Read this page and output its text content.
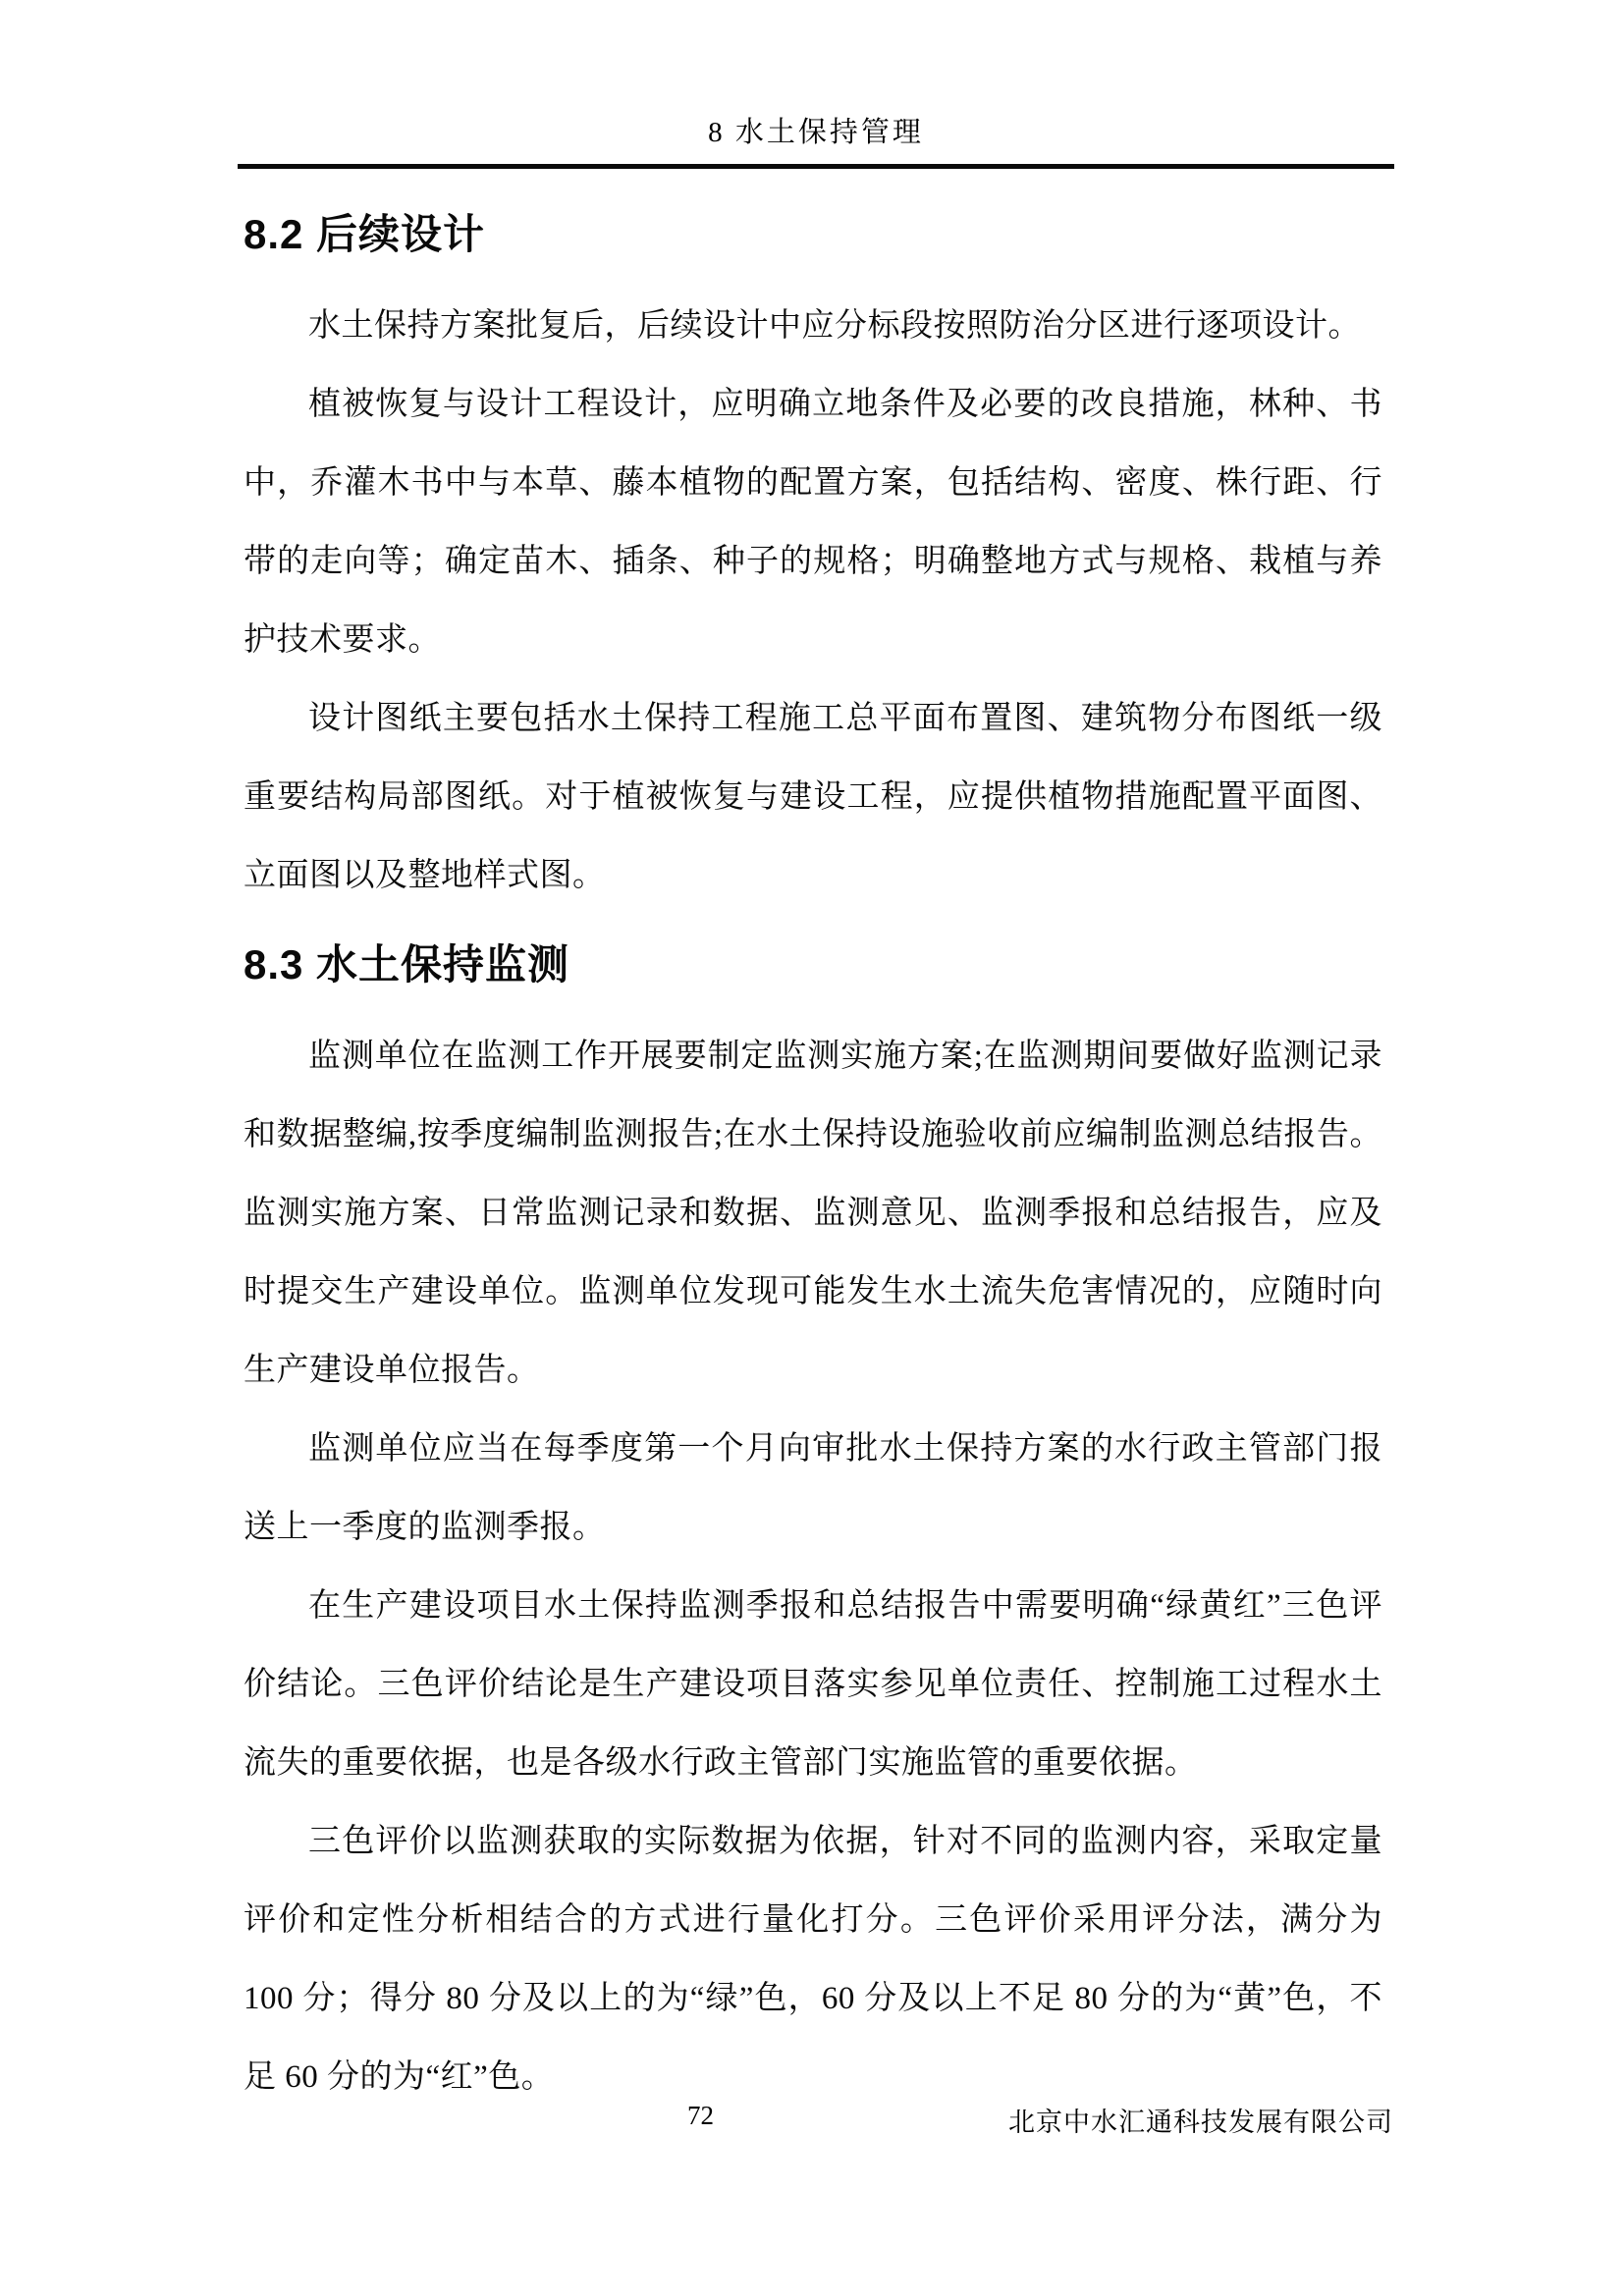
8 水土保持管理
8.2 后续设计

水土保持方案批复后，后续设计中应分标段按照防治分区进行逐项设计。

植被恢复与设计工程设计，应明确立地条件及必要的改良措施，林种、书中，乔灌木书中与本草、藤本植物的配置方案，包括结构、密度、株行距、行带的走向等；确定苗木、插条、种子的规格；明确整地方式与规格、栽植与养护技术要求。

设计图纸主要包括水土保持工程施工总平面布置图、建筑物分布图纸一级重要结构局部图纸。对于植被恢复与建设工程，应提供植物措施配置平面图、立面图以及整地样式图。

8.3 水土保持监测

监测单位在监测工作开展要制定监测实施方案;在监测期间要做好监测记录和数据整编,按季度编制监测报告;在水土保持设施验收前应编制监测总结报告。监测实施方案、日常监测记录和数据、监测意见、监测季报和总结报告，应及时提交生产建设单位。监测单位发现可能发生水土流失危害情况的，应随时向生产建设单位报告。

监测单位应当在每季度第一个月向审批水土保持方案的水行政主管部门报送上一季度的监测季报。

在生产建设项目水土保持监测季报和总结报告中需要明确“绿黄红”三色评价结论。三色评价结论是生产建设项目落实参见单位责任、控制施工过程水土流失的重要依据，也是各级水行政主管部门实施监管的重要依据。

三色评价以监测获取的实际数据为依据，针对不同的监测内容，采取定量评价和定性分析相结合的方式进行量化打分。三色评价采用评分法，满分为 100 分；得分 80 分及以上的为“绿”色，60 分及以上不足 80 分的为“黄”色，不足 60 分的为“红”色。

72	北京中水汇通科技发展有限公司
